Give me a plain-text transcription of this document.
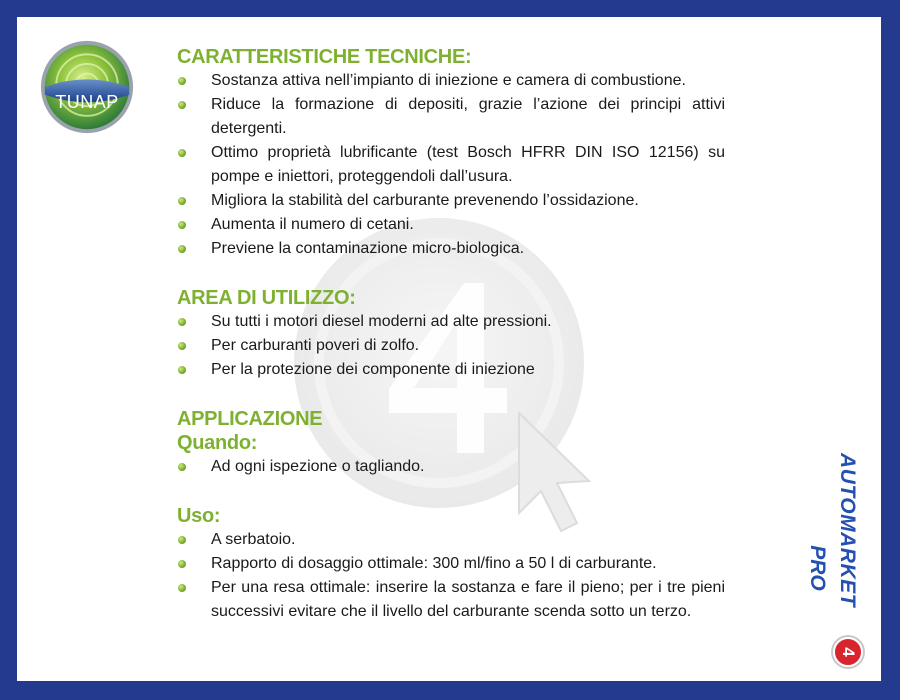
TUNAP
AUTOMARKET
PRO
4
CARATTERISTICHE TECNICHE:
Sostanza attiva nell’impianto di iniezione e camera di combustione.
Riduce la formazione di depositi, grazie l’azione dei principi attivi detergenti.
Ottimo proprietà lubrificante (test Bosch HFRR DIN ISO 12156) su pompe e iniettori, proteggendoli dall’usura.
Migliora la stabilità del carburante prevenendo l’ossidazione.
Aumenta il numero di cetani.
Previene la contaminazione micro-biologica.
AREA DI UTILIZZO:
Su tutti i motori diesel moderni ad alte pressioni.
Per carburanti poveri di zolfo.
Per la protezione dei componente di iniezione
APPLICAZIONE
Quando:
Ad ogni ispezione o tagliando.
Uso:
A serbatoio.
Rapporto di dosaggio ottimale: 300 ml/fino a 50 l di carburante.
Per una resa ottimale: inserire la sostanza e fare il pieno; per i tre pieni successivi evitare che il livello del carburante scenda sotto un terzo.
